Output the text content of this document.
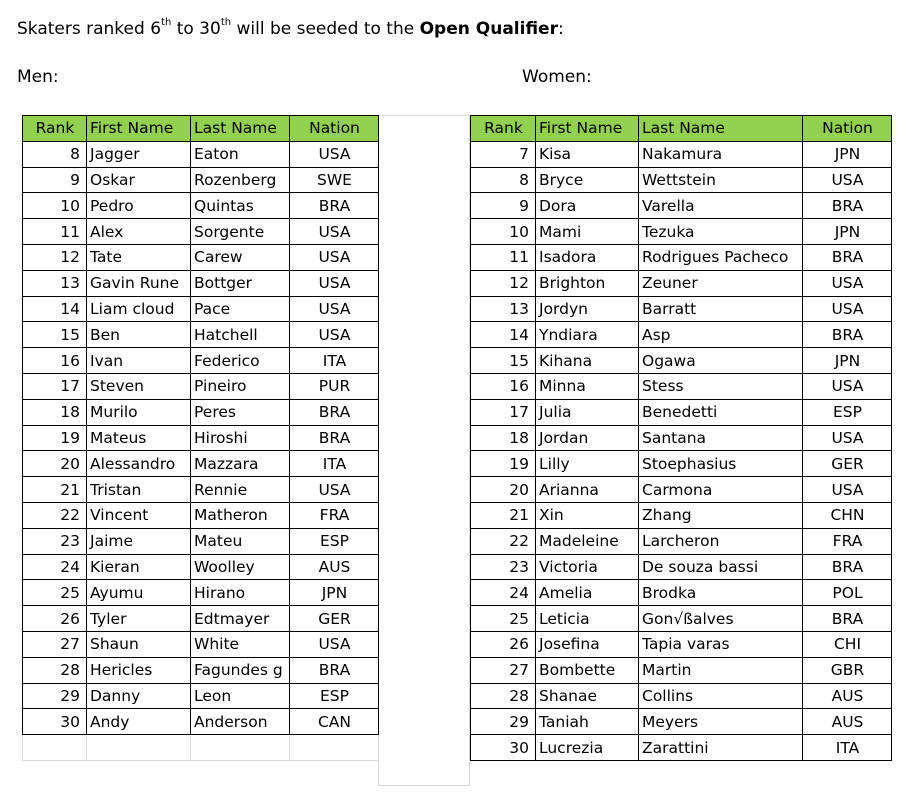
Skaters ranked 6th to 30th will be seeded to the Open Qualifier:
Men:	Women:
Rank	First Name	Last Name	Nation
8	Jagger	Eaton	USA
9	Oskar	Rozenberg	SWE
10	Pedro	Quintas	BRA
11	Alex	Sorgente	USA
12	Tate	Carew	USA
13	Gavin Rune	Bottger	USA
14	Liam cloud	Pace	USA
15	Ben	Hatchell	USA
16	Ivan	Federico	ITA
17	Steven	Pineiro	PUR
18	Murilo	Peres	BRA
19	Mateus	Hiroshi	BRA
20	Alessandro	Mazzara	ITA
21	Tristan	Rennie	USA
22	Vincent	Matheron	FRA
23	Jaime	Mateu	ESP
24	Kieran	Woolley	AUS
25	Ayumu	Hirano	JPN
26	Tyler	Edtmayer	GER
27	Shaun	White	USA
28	Hericles	Fagundes g	BRA
29	Danny	Leon	ESP
30	Andy	Anderson	CAN

Rank	First Name	Last Name	Nation
7	Kisa	Nakamura	JPN
8	Bryce	Wettstein	USA
9	Dora	Varella	BRA
10	Mami	Tezuka	JPN
11	Isadora	Rodrigues Pacheco	BRA
12	Brighton	Zeuner	USA
13	Jordyn	Barratt	USA
14	Yndiara	Asp	BRA
15	Kihana	Ogawa	JPN
16	Minna	Stess	USA
17	Julia	Benedetti	ESP
18	Jordan	Santana	USA
19	Lilly	Stoephasius	GER
20	Arianna	Carmona	USA
21	Xin	Zhang	CHN
22	Madeleine	Larcheron	FRA
23	Victoria	De souza bassi	BRA
24	Amelia	Brodka	POL
25	Leticia	Gon√ßalves	BRA
26	Josefina	Tapia varas	CHI
27	Bombette	Martin	GBR
28	Shanae	Collins	AUS
29	Taniah	Meyers	AUS
30	Lucrezia	Zarattini	ITA
